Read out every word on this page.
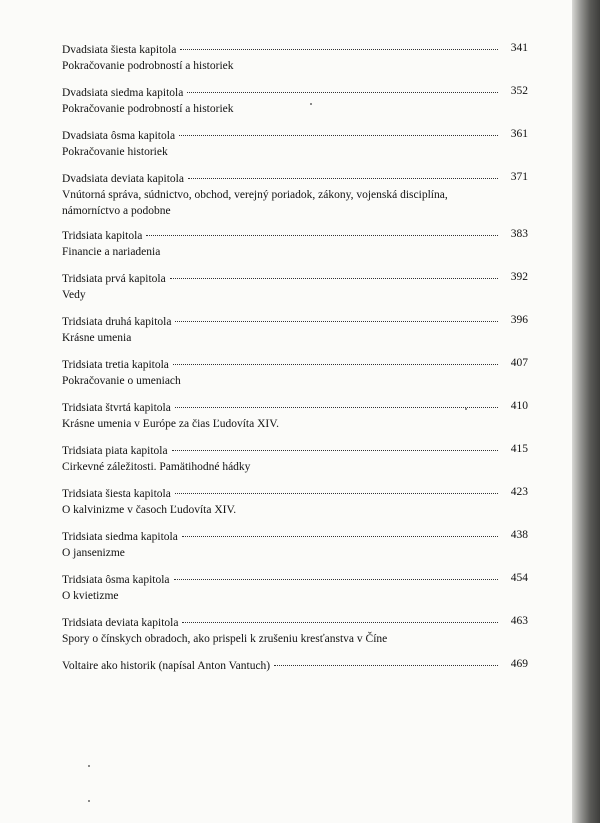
Dvadsiata šiesta kapitola	341
Pokračovanie podrobností a historiek
Dvadsiata siedma kapitola	352
Pokračovanie podrobností a historiek
Dvadsiata ôsma kapitola	361
Pokračovanie historiek
Dvadsiata deviata kapitola	371
Vnútorná správa, súdnictvo, obchod, verejný poriadok, zákony, vojenská disciplína,
námorníctvo a podobne
Tridsiata kapitola	383
Financie a nariadenia
Tridsiata prvá kapitola	392
Vedy
Tridsiata druhá kapitola	396
Krásne umenia
Tridsiata tretia kapitola	407
Pokračovanie o umeniach
Tridsiata štvrtá kapitola	410
Krásne umenia v Európe za čias Ľudovíta XIV.
Tridsiata piata kapitola	415
Cirkevné záležitosti. Pamätihodné hádky
Tridsiata šiesta kapitola	423
O kalvinizme v časoch Ľudovíta XIV.
Tridsiata siedma kapitola	438
O jansenizme
Tridsiata ôsma kapitola	454
O kvietizme
Tridsiata deviata kapitola	463
Spory o čínskych obradoch, ako prispeli k zrušeniu kresťanstva v Číne
Voltaire ako historik (napísal Anton Vantuch)	469
